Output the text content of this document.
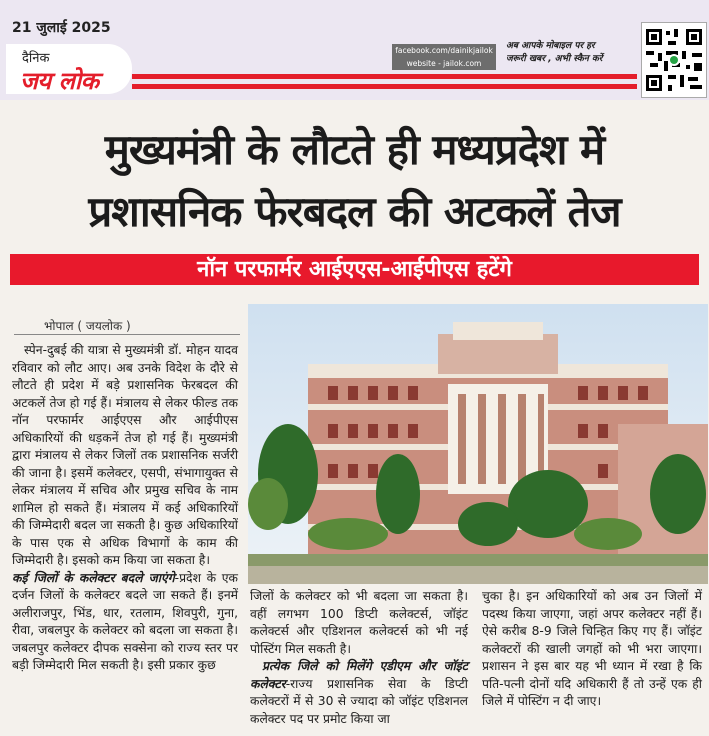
21 जुलाई 2025
दैनिक
जय लोक
facebook.com/dainikjailok
website - jailok.com
अब आपके मोबाइल पर हर
जरूरी खबर , अभी स्कैन करें
मुख्यमंत्री के लौटते ही मध्यप्रदेश में
प्रशासनिक फेरबदल की अटकलें तेज
नॉन परफार्मर आईएएस-आईपीएस हटेंगे
भोपाल ( जयलोक )

स्पेन-दुबई की यात्रा से मुख्यमंत्री डॉ. मोहन यादव रविवार को लौट आए। अब उनके विदेश के दौरे से लौटते ही प्रदेश में बड़े प्रशासनिक फेरबदल की अटकलें तेज हो गई हैं। मंत्रालय से लेकर फील्ड तक नॉन परफार्मर आईएएस और आईपीएस अधिकारियों की धड़कनें तेज हो गई हैं। मुख्यमंत्री द्वारा मंत्रालय से लेकर जिलों तक प्रशासनिक सर्जरी की जाना है। इसमें कलेक्टर, एसपी, संभागायुक्त से लेकर मंत्रालय में सचिव और प्रमुख सचिव के नाम शामिल हो सकते हैं। मंत्रालय में कई अधिकारियों की जिम्मेदारी बदल जा सकती है। कुछ अधिकारियों के पास एक से अधिक विभागों के काम की जिम्मेदारी है। इसको कम किया जा सकता है।

कई जिलों के कलेक्टर बदले जाएंगे-प्रदेश के एक दर्जन जिलों के कलेक्टर बदले जा सकते हैं। इनमें अलीराजपुर, भिंड, धार, रतलाम, शिवपुरी, गुना, रीवा, जबलपुर के कलेक्टर को बदला जा सकता है। जबलपुर कलेक्टर दीपक सक्सेना को राज्य स्तर पर बड़ी जिम्मेदारी मिल सकती है। इसी प्रकार कुछ

जिलों के कलेक्टर को भी बदला जा सकता है। वहीं लगभग 100 डिप्टी कलेक्टर्स, जॉइंट कलेक्टर्स और एडिशनल कलेक्टर्स को भी नई पोस्टिंग मिल सकती है।

प्रत्येक जिले को मिलेंगे एडीएम और जॉइंट कलेक्टर-राज्य प्रशासनिक सेवा के डिप्टी कलेक्टरों में से 30 से ज्यादा को जॉइंट एडिशनल कलेक्टर पद पर प्रमोट किया जा

चुका है। इन अधिकारियों को अब उन जिलों में पदस्थ किया जाएगा, जहां अपर कलेक्टर नहीं हैं। ऐसे करीब 8-9 जिले चिन्हित किए गए हैं। जॉइंट कलेक्टरों की खाली जगहों को भी भरा जाएगा। प्रशासन ने इस बार यह भी ध्यान में रखा है कि पति-पत्नी दोनों यदि अधिकारी हैं तो उन्हें एक ही जिले में पोस्टिंग न दी जाए।
